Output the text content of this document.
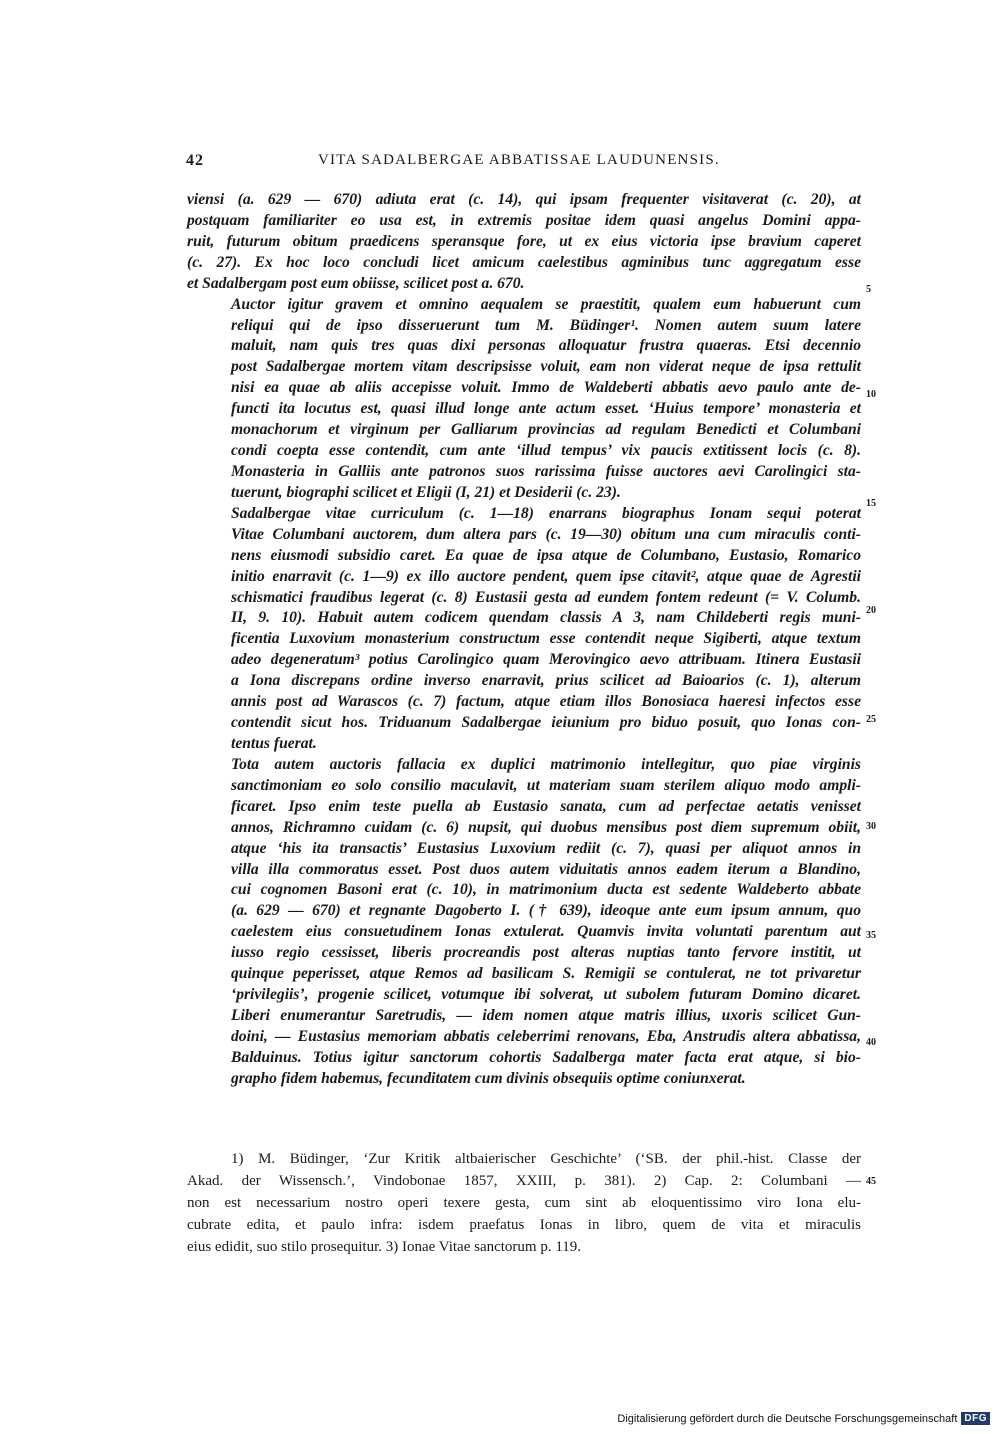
42	VITA SADALBERGAE ABBATISSAE LAUDUNENSIS.

viensi (a. 629 — 670) adiuta erat (c. 14), qui ipsam frequenter visitaverat (c. 20), at
postquam familiariter eo usa est, in extremis positae idem quasi angelus Domini appa-
ruit, futurum obitum praedicens speransque fore, ut ex eius victoria ipse bravium caperet
(c. 27). Ex hoc loco concludi licet amicum caelestibus agminibus tunc aggregatum esse
et Sadalbergam post eum obiisse, scilicet post a. 670.

Auctor igitur gravem et omnino aequalem se praestitit, qualem eum habuerunt cum
reliqui qui de ipso disseruerunt tum M. Büdinger¹. Nomen autem suum latere
maluit, nam quis tres quas dixi personas alloquatur frustra quaeras. Etsi decennio
post Sadalbergae mortem vitam descripsisse voluit, eam non viderat neque de ipsa rettulit
nisi ea quae ab aliis accepisse voluit. Immo de Waldeberti abbatis aevo paulo ante de-
functi ita locutus est, quasi illud longe ante actum esset. ‘Huius tempore’ monasteria et
monachorum et virginum per Galliarum provincias ad regulam Benedicti et Columbani
condi coepta esse contendit, cum ante ‘illud tempus’ vix paucis extitissent locis (c. 8).
Monasteria in Galliis ante patronos suos rarissima fuisse auctores aevi Carolingici sta-
tuerunt, biographi scilicet et Eligii (I, 21) et Desiderii (c. 23).

Sadalbergae vitae curriculum (c. 1—18) enarrans biographus Ionam sequi poterat
Vitae Columbani auctorem, dum altera pars (c. 19—30) obitum una cum miraculis conti-
nens eiusmodi subsidio caret. Ea quae de ipsa atque de Columbano, Eustasio, Romarico
initio enarravit (c. 1—9) ex illo auctore pendent, quem ipse citavit², atque quae de Agrestii
schismatici fraudibus legerat (c. 8) Eustasii gesta ad eundem fontem redeunt (= V. Columb.
II, 9. 10). Habuit autem codicem quendam classis A 3, nam Childeberti regis muni-
ficentia Luxovium monasterium constructum esse contendit neque Sigiberti, atque textum
adeo degeneratum³ potius Carolingico quam Merovingico aevo attribuam. Itinera Eustasii
a Iona discrepans ordine inverso enarravit, prius scilicet ad Baioarios (c. 1), alterum
annis post ad Warascos (c. 7) factum, atque etiam illos Bonosiaca haeresi infectos esse
contendit sicut hos. Triduanum Sadalbergae ieiunium pro biduo posuit, quo Ionas con-
tentus fuerat.

Tota autem auctoris fallacia ex duplici matrimonio intellegitur, quo piae virginis
sanctimoniam eo solo consilio maculavit, ut materiam suam sterilem aliquo modo ampli-
ficaret. Ipso enim teste puella ab Eustasio sanata, cum ad perfectae aetatis venisset
annos, Richramno cuidam (c. 6) nupsit, qui duobus mensibus post diem supremum obiit,
atque ‘his ita transactis’ Eustasius Luxovium rediit (c. 7), quasi per aliquot annos in
villa illa commoratus esset. Post duos autem viduitatis annos eadem iterum a Blandino,
cui cognomen Basoni erat (c. 10), in matrimonium ducta est sedente Waldeberto abbate
(a. 629 — 670) et regnante Dagoberto I. († 639), ideoque ante eum ipsum annum, quo
caelestem eius consuetudinem Ionas extulerat. Quamvis invita voluntati parentum aut
iusso regio cessisset, liberis procreandis post alteras nuptias tanto fervore institit, ut
quinque peperisset, atque Remos ad basilicam S. Remigii se contulerat, ne tot privaretur
‘privilegiis’, progenie scilicet, votumque ibi solverat, ut subolem futuram Domino dicaret.
Liberi enumerantur Saretrudis, — idem nomen atque matris illius, uxoris scilicet Gun-
doini, — Eustasius memoriam abbatis celeberrimi renovans, Eba, Anstrudis altera abbatissa,
Balduinus. Totius igitur sanctorum cohortis Sadalberga mater facta erat atque, si bio-
grapho fidem habemus, fecunditatem cum divinis obsequiis optime coniunxerat.

5
10
15
20
25
30
35
40
45
1) M. Büdinger, ‘Zur Kritik altbaierischer Geschichte’ (‘SB. der phil.-hist. Classe der
Akad. der Wissensch.’, Vindobonae 1857, XXIII, p. 381). 2) Cap. 2: Columbani —
non est necessarium nostro operi texere gesta, cum sint ab eloquentissimo viro Iona elu-
cubrate edita, et paulo infra: isdem praefatus Ionas in libro, quem de vita et miraculis
eius edidit, suo stilo prosequitur. 3) Ionae Vitae sanctorum p. 119.
Digitalisierung gefördert durch die Deutsche Forschungsgemeinschaft DFG
